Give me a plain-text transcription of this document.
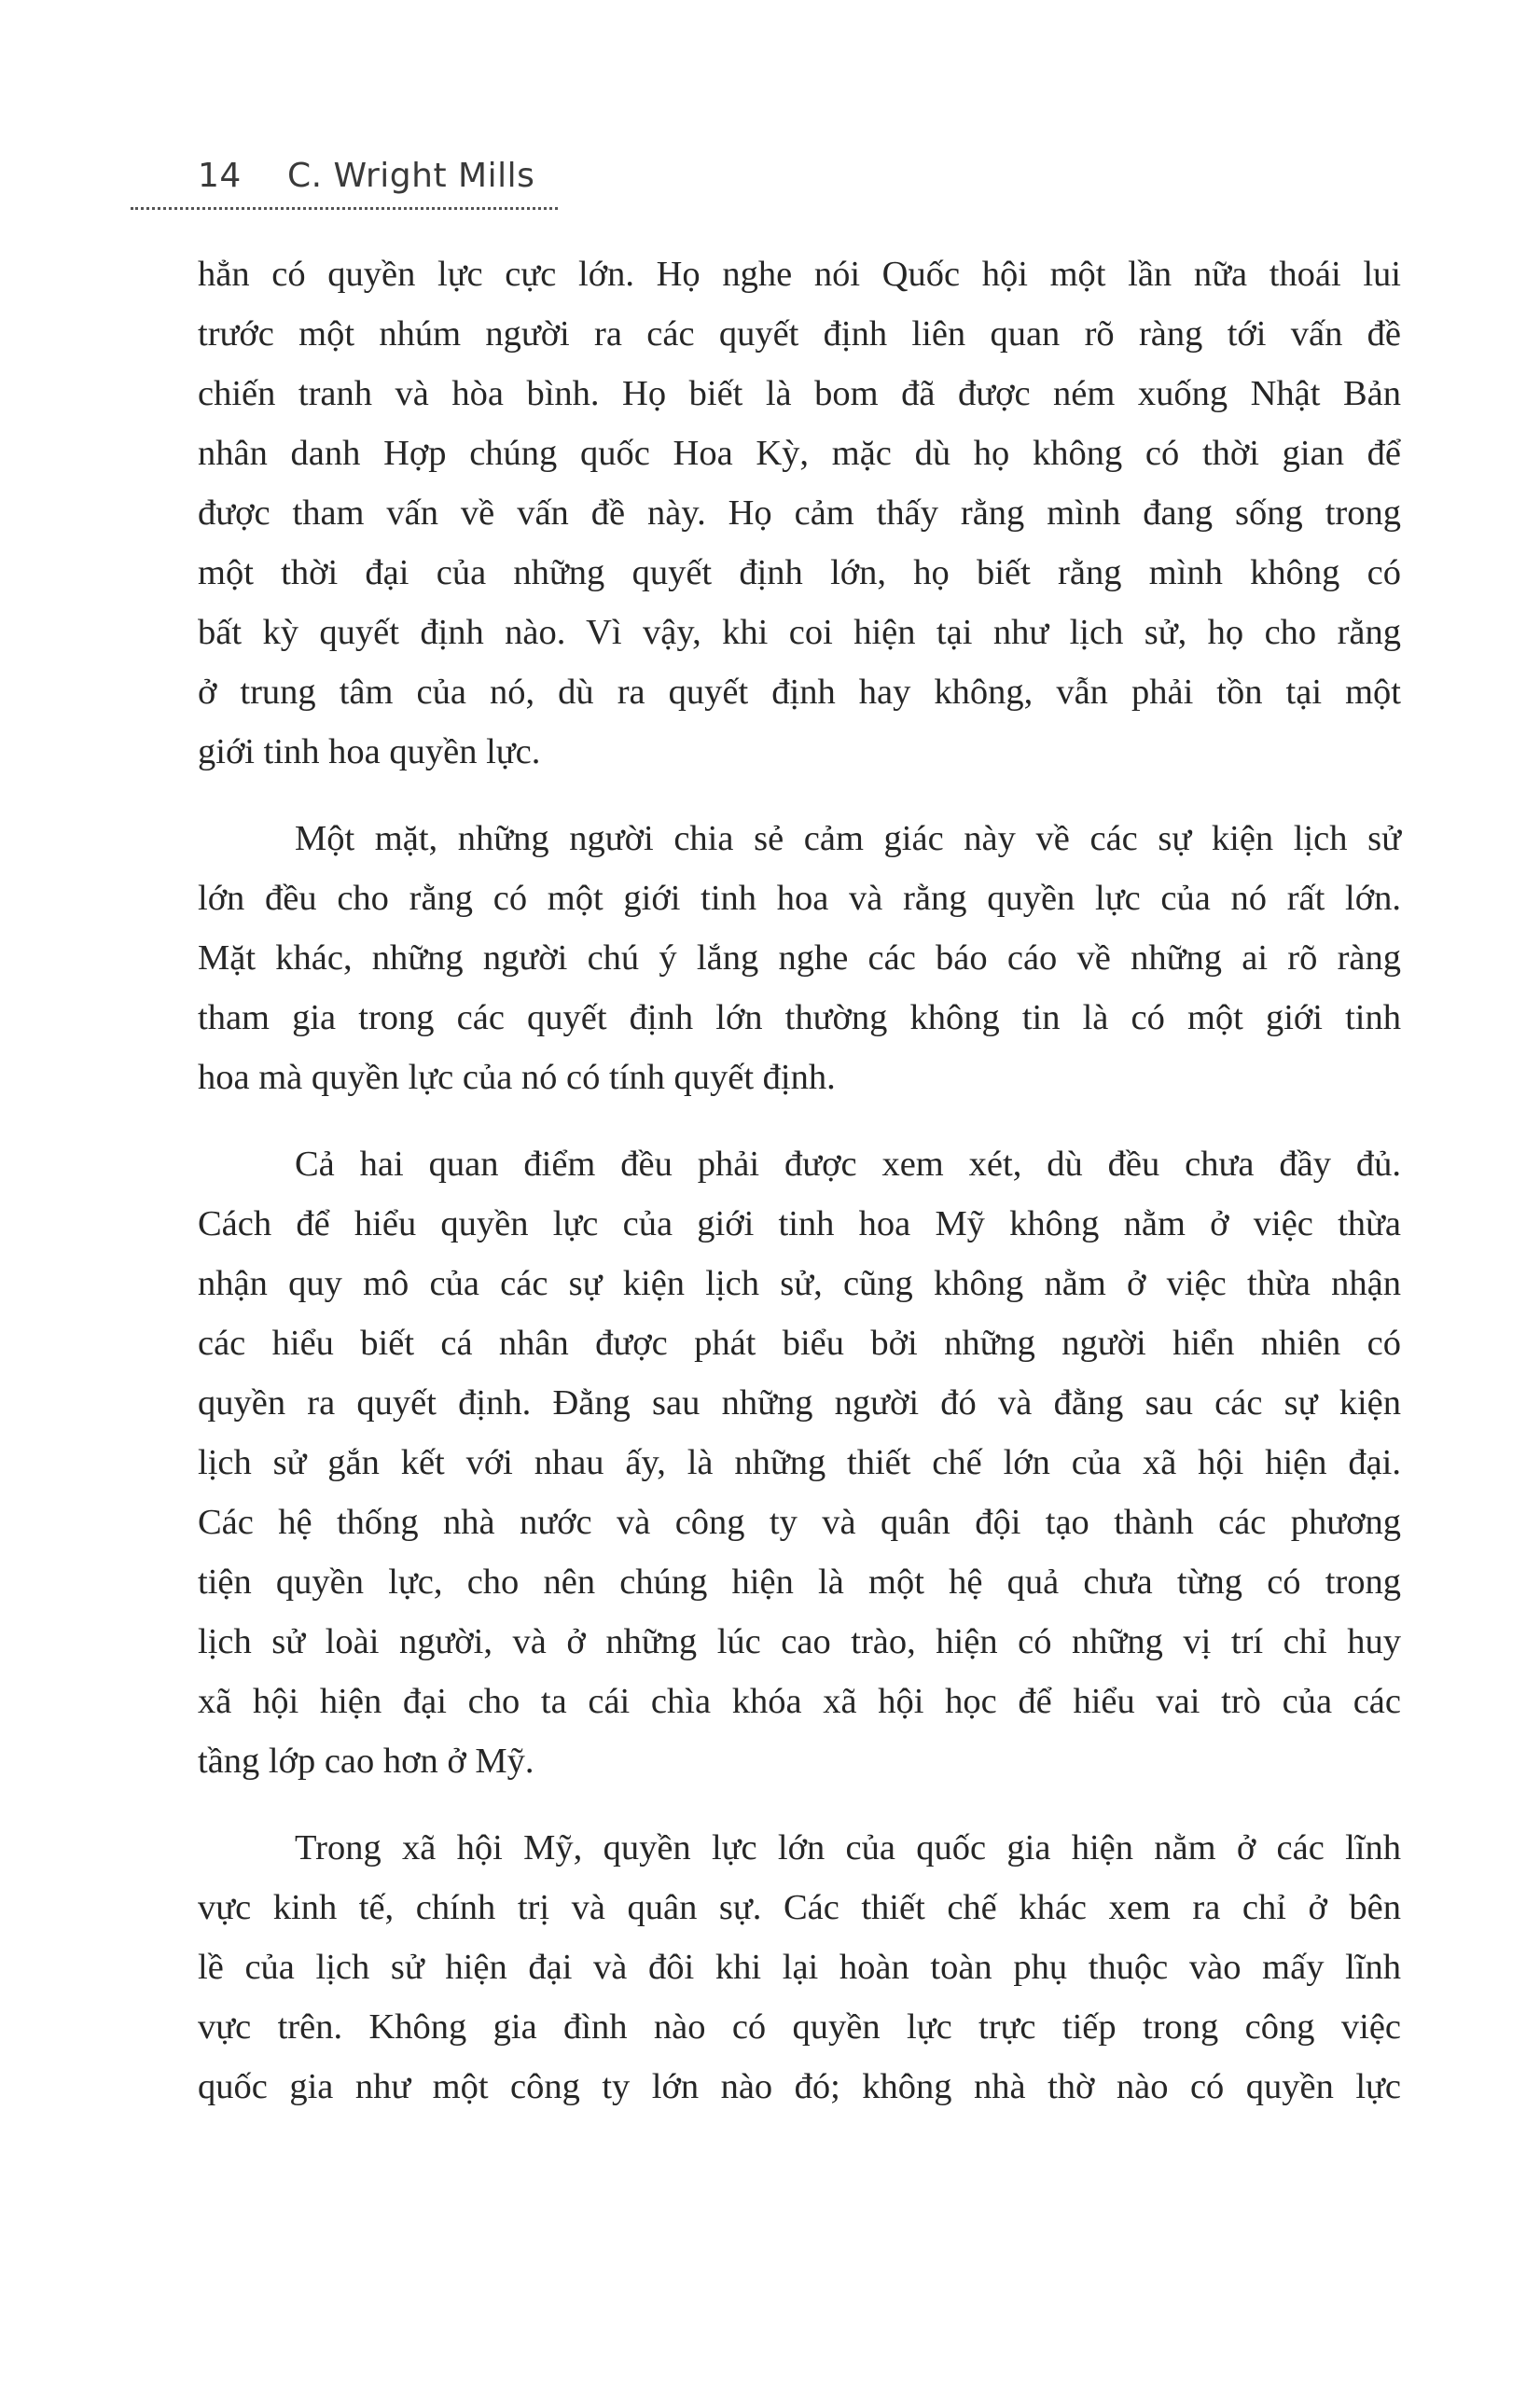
14 C. Wright Mills
hẳn có quyền lực cực lớn. Họ nghe nói Quốc hội một lần nữa thoái lui
trước một nhúm người ra các quyết định liên quan rõ ràng tới vấn đề
chiến tranh và hòa bình. Họ biết là bom đã được ném xuống Nhật Bản
nhân danh Hợp chúng quốc Hoa Kỳ, mặc dù họ không có thời gian để
được tham vấn về vấn đề này. Họ cảm thấy rằng mình đang sống trong
một thời đại của những quyết định lớn, họ biết rằng mình không có
bất kỳ quyết định nào. Vì vậy, khi coi hiện tại như lịch sử, họ cho rằng
ở trung tâm của nó, dù ra quyết định hay không, vẫn phải tồn tại một
giới tinh hoa quyền lực.
Một mặt, những người chia sẻ cảm giác này về các sự kiện lịch sử
lớn đều cho rằng có một giới tinh hoa và rằng quyền lực của nó rất lớn.
Mặt khác, những người chú ý lắng nghe các báo cáo về những ai rõ ràng
tham gia trong các quyết định lớn thường không tin là có một giới tinh
hoa mà quyền lực của nó có tính quyết định.
Cả hai quan điểm đều phải được xem xét, dù đều chưa đầy đủ.
Cách để hiểu quyền lực của giới tinh hoa Mỹ không nằm ở việc thừa
nhận quy mô của các sự kiện lịch sử, cũng không nằm ở việc thừa nhận
các hiểu biết cá nhân được phát biểu bởi những người hiển nhiên có
quyền ra quyết định. Đằng sau những người đó và đằng sau các sự kiện
lịch sử gắn kết với nhau ấy, là những thiết chế lớn của xã hội hiện đại.
Các hệ thống nhà nước và công ty và quân đội tạo thành các phương
tiện quyền lực, cho nên chúng hiện là một hệ quả chưa từng có trong
lịch sử loài người, và ở những lúc cao trào, hiện có những vị trí chỉ huy
xã hội hiện đại cho ta cái chìa khóa xã hội học để hiểu vai trò của các
tầng lớp cao hơn ở Mỹ.
Trong xã hội Mỹ, quyền lực lớn của quốc gia hiện nằm ở các lĩnh
vực kinh tế, chính trị và quân sự. Các thiết chế khác xem ra chỉ ở bên
lề của lịch sử hiện đại và đôi khi lại hoàn toàn phụ thuộc vào mấy lĩnh
vực trên. Không gia đình nào có quyền lực trực tiếp trong công việc
quốc gia như một công ty lớn nào đó; không nhà thờ nào có quyền lực
